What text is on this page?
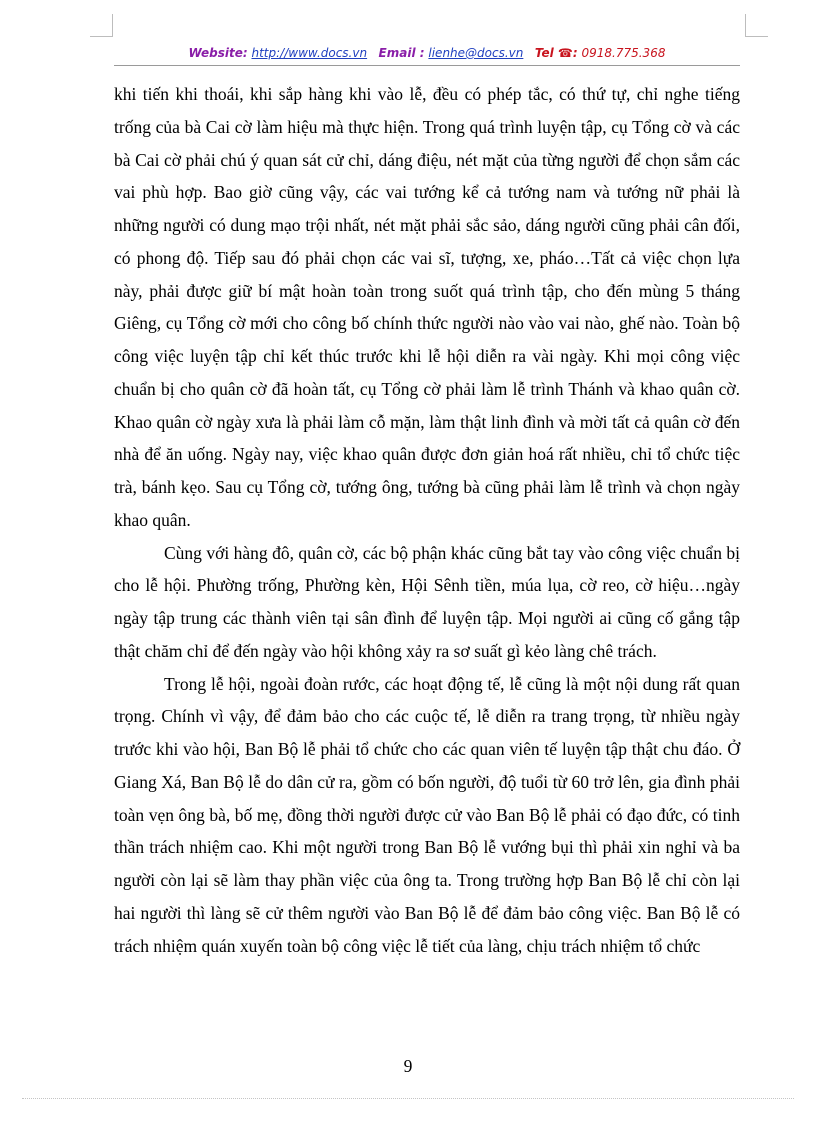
Website: http://www.docs.vn Email : lienhe@docs.vn Tel ☎: 0918.775.368

khi tiến khi thoái, khi sắp hàng khi vào lễ, đều có phép tắc, có thứ tự, chỉ nghe tiếng trống của bà Cai cờ làm hiệu mà thực hiện. Trong quá trình luyện tập, cụ Tổng cờ và các bà Cai cờ phải chú ý quan sát cử chỉ, dáng điệu, nét mặt của từng người để chọn sắm các vai phù hợp. Bao giờ cũng vậy, các vai tướng kể cả tướng nam và tướng nữ phải là những người có dung mạo trội nhất, nét mặt phải sắc sảo, dáng người cũng phải cân đối, có phong độ. Tiếp sau đó phải chọn các vai sĩ, tượng, xe, pháo…Tất cả việc chọn lựa này, phải được giữ bí mật hoàn toàn trong suốt quá trình tập, cho đến mùng 5 tháng Giêng, cụ Tổng cờ mới cho công bố chính thức người nào vào vai nào, ghế nào. Toàn bộ công việc luyện tập chỉ kết thúc trước khi lễ hội diễn ra vài ngày. Khi mọi công việc chuẩn bị cho quân cờ đã hoàn tất, cụ Tổng cờ phải làm lễ trình Thánh và khao quân cờ. Khao quân cờ ngày xưa là phải làm cỗ mặn, làm thật linh đình và mời tất cả quân cờ đến nhà để ăn uống. Ngày nay, việc khao quân được đơn giản hoá rất nhiều, chỉ tổ chức tiệc trà, bánh kẹo. Sau cụ Tổng cờ, tướng ông, tướng bà cũng phải làm lễ trình và chọn ngày khao quân.

Cùng với hàng đô, quân cờ, các bộ phận khác cũng bắt tay vào công việc chuẩn bị cho lễ hội. Phường trống, Phường kèn, Hội Sênh tiền, múa lụa, cờ reo, cờ hiệu…ngày ngày tập trung các thành viên tại sân đình để luyện tập. Mọi người ai cũng cố gắng tập thật chăm chỉ để đến ngày vào hội không xảy ra sơ suất gì kẻo làng chê trách.

Trong lễ hội, ngoài đoàn rước, các hoạt động tế, lễ cũng là một nội dung rất quan trọng. Chính vì vậy, để đảm bảo cho các cuộc tế, lễ diễn ra trang trọng, từ nhiều ngày trước khi vào hội, Ban Bộ lễ phải tổ chức cho các quan viên tế luyện tập thật chu đáo. Ở Giang Xá, Ban Bộ lễ do dân cử ra, gồm có bốn người, độ tuổi từ 60 trở lên, gia đình phải toàn vẹn ông bà, bố mẹ, đồng thời người được cử vào Ban Bộ lễ phải có đạo đức, có tinh thần trách nhiệm cao. Khi một người trong Ban Bộ lễ vướng bụi thì phải xin nghỉ và ba người còn lại sẽ làm thay phần việc của ông ta. Trong trường hợp Ban Bộ lễ chỉ còn lại hai người thì làng sẽ cử thêm người vào Ban Bộ lễ để đảm bảo công việc. Ban Bộ lễ có trách nhiệm quán xuyến toàn bộ công việc lễ tiết của làng, chịu trách nhiệm tổ chức

9
